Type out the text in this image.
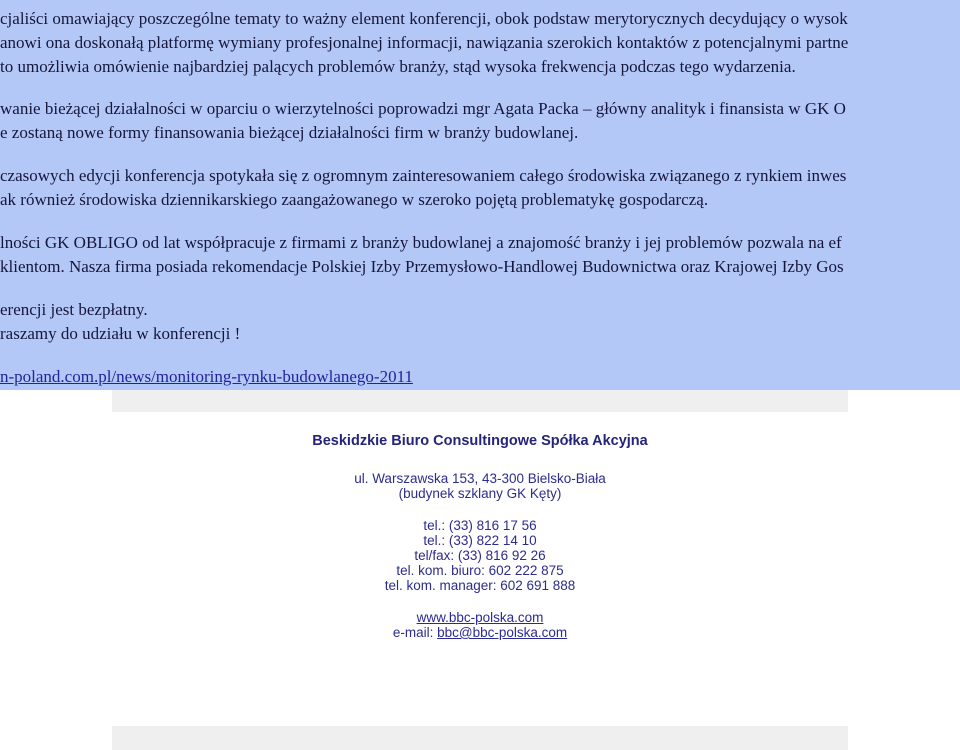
cjaliści omawiający poszczególne tematy to ważny element konferencji, obok podstaw merytorycznych decydujący o wysok
anowi ona doskonałą platformę wymiany profesjonalnej informacji, nawiązania szerokich kontaktów z potencjalnymi partne
to umożliwia omówienie najbardziej palących problemów branży, stąd wysoka frekwencja podczas tego wydarzenia.
wanie bieżącej działalności w oparciu o wierzytelności poprowadzi mgr Agata Packa – główny analityk i finansista w GK O
e zostaną nowe formy finansowania bieżącej działalności firm w branży budowlanej.
czasowych edycji konferencja spotykała się z ogromnym zainteresowaniem całego środowiska związanego z rynkiem inwes
ak również środowiska dziennikarskiego zaangażowanego w szeroko pojętą problematykę gospodarczą.
lności GK OBLIGO od lat współpracuje z firmami z branży budowlanej a znajomość branży i jej problemów pozwala na ef
klientom. Nasza firma posiada rekomendacje Polskiej Izby Przemysłowo-Handlowej Budownictwa oraz Krajowej Izby Gos
erencji jest bezpłatny.
raszamy do udziału w konferencji !
n-poland.com.pl/news/monitoring-rynku-budowlanego-2011
Beskidzkie Biuro Consultingowe Spółka Akcyjna
ul. Warszawska 153, 43-300 Bielsko-Biała
(budynek szklany GK Kęty)
tel.: (33) 816 17 56
tel.: (33) 822 14 10
tel/fax: (33) 816 92 26
tel. kom. biuro: 602 222 875
tel. kom. manager: 602 691 888
www.bbc-polska.com
e-mail: bbc@bbc-polska.com
